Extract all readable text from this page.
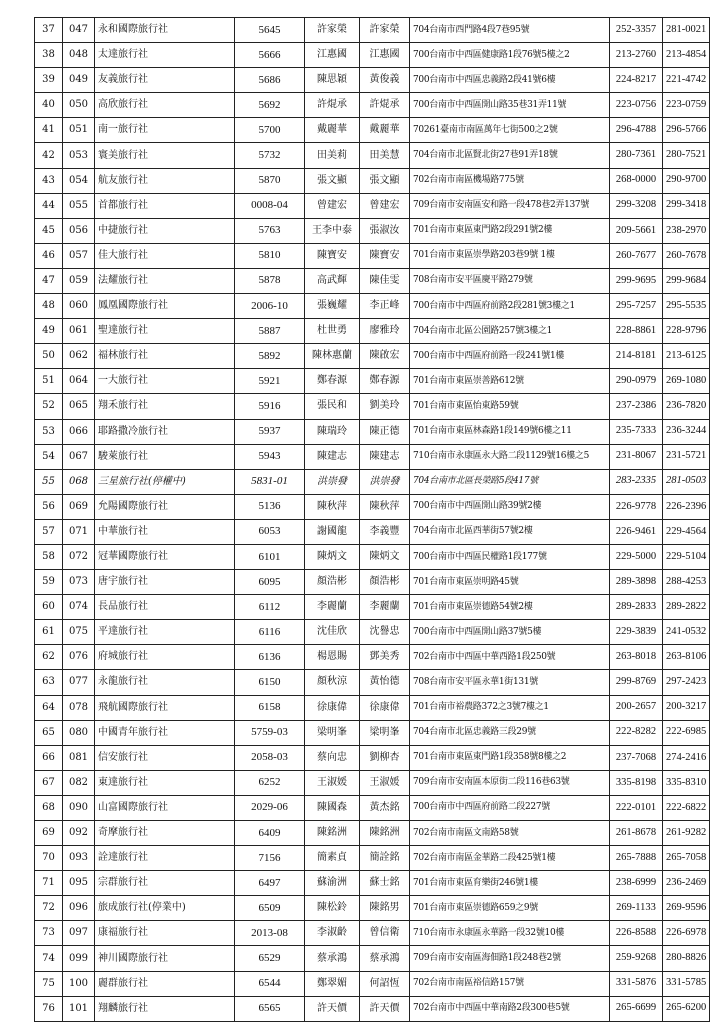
37	047	永和國際旅行社	5645	許家榮	許家榮	704台南市西門路4段7巷95號	252-3357	281-0021
38	048	太達旅行社	5666	江惠國	江惠國	700台南市中西區健康路1段76號5樓之2	213-2760	213-4854
39	049	友義旅行社	5686	陳思穎	黃俊義	700台南市中西區忠義路2段41號6樓	224-8217	221-4742
40	050	高欣旅行社	5692	許焜承	許焜承	700台南市中西區開山路35巷31弄11號	223-0756	223-0759
41	051	南一旅行社	5700	戴麗華	戴麗華	70261臺南市南區萬年七街500之2號	296-4788	296-5766
42	053	寰美旅行社	5732	田美莉	田美慧	704台南市北區賢北街27巷91弄18號	280-7361	280-7521
43	054	航友旅行社	5870	張文顯	張文顯	702台南市南區機場路775號	268-0000	290-9700
44	055	首都旅行社	0008-04	曾建宏	曾建宏	709台南市安南區安和路一段478巷2弄137號	299-3208	299-3418
45	056	中捷旅行社	5763	王李中泰	張淑汝	701台南市東區東門路2段291號2樓	209-5661	238-2970
46	057	佳大旅行社	5810	陳寶安	陳寶安	701台南市東區崇學路203巷9號 1樓	260-7677	260-7678
47	059	法耀旅行社	5878	高武輝	陳佳雯	708台南市安平區慶平路279號	299-9695	299-9684
48	060	鳳凰國際旅行社	2006-10	張巍耀	李正峰	700台南市中西區府前路2段281號3樓之1	295-7257	295-5535
49	061	聖達旅行社	5887	杜世勇	廖雅玲	704台南市北區公園路257號3樓之1	228-8861	228-9796
50	062	福林旅行社	5892	陳林惠蘭	陳啟宏	700台南市中西區府前路一段241號1樓	214-8181	213-6125
51	064	一大旅行社	5921	鄭春源	鄭春源	701台南市東區崇善路612號	290-0979	269-1080
52	065	翔禾旅行社	5916	張民和	劉美玲	701台南市東區怡東路59號	237-2386	236-7820
53	066	耶路撒冷旅行社	5937	陳瑞玲	陳正德	701台南市東區林森路1段149號6樓之11	235-7333	236-3244
54	067	駿萊旅行社	5943	陳建志	陳建志	710台南市永康區永大路二段1129號16樓之5	231-8067	231-5721
55	068	三星旅行社(停權中)	5831-01	洪崇發	洪崇發	704台南市北區長榮路5段417號	283-2335	281-0503
56	069	允陽國際旅行社	5136	陳秋萍	陳秋萍	700台南市中西區開山路39號2樓	226-9778	226-2396
57	071	中華旅行社	6053	謝國龍	李義豐	704台南市北區西華街57號2樓	226-9461	229-4564
58	072	冠華國際旅行社	6101	陳炳文	陳炳文	700台南市中西區民權路1段177號	229-5000	229-5104
59	073	唐宇旅行社	6095	顏浩彬	顏浩彬	701台南市東區崇明路45號	289-3898	288-4253
60	074	長品旅行社	6112	李麗蘭	李麗蘭	701台南市東區崇德路54號2樓	289-2833	289-2822
61	075	平達旅行社	6116	沈佳欣	沈譽忠	700台南市中西區開山路37號5樓	229-3839	241-0532
62	076	府城旅行社	6136	楊恩賜	鄧美秀	702台南市中西區中華西路1段250號	263-8018	263-8106
63	077	永龍旅行社	6150	顏秋涼	黃怡德	708台南市安平區永華1街131號	299-8769	297-2423
64	078	飛航國際旅行社	6158	徐康偉	徐康偉	701台南市裕農路372之3號7樓之1	200-2657	200-3217
65	080	中國青年旅行社	5759-03	梁明峯	梁明峯	704台南市北區忠義路三段29號	222-8282	222-6985
66	081	信安旅行社	2058-03	蔡向忠	劉柳杏	701台南市東區東門路1段358號8樓之2	237-7068	274-2416
67	082	東達旅行社	6252	王淑媛	王淑媛	709台南市安南區本原街二段116巷63號	335-8198	335-8310
68	090	山富國際旅行社	2029-06	陳國森	黃杰銘	700台南市中西區府前路二段227號	222-0101	222-6822
69	092	奇摩旅行社	6409	陳銘洲	陳銘洲	702台南市南區文南路58號	261-8678	261-9282
70	093	詮達旅行社	7156	簡素貞	簡詮銘	702台南市南區金華路二段425號1樓	265-7888	265-7058
71	095	宗群旅行社	6497	蘇渝洲	蘇士銘	701台南市東區育樂街246號1樓	238-6999	236-2469
72	096	旅成旅行社(停業中)	6509	陳松鈴	陳銘男	701台南市東區崇德路659之9號	269-1133	269-9596
73	097	康福旅行社	2013-08	李淑齡	曾信衛	710台南市永康區永華路一段32號10樓	226-8588	226-6978
74	099	神川國際旅行社	6529	蔡承鴻	蔡承鴻	709台南市安南區海佃路1段248巷2號	259-9268	280-8826
75	100	麗群旅行社	6544	鄭翠媚	何詔恆	702台南市南區裕信路157號	331-5876	331-5785
76	101	翔麟旅行社	6565	許天價	許天價	702台南市中西區中華南路2段300巷5號	265-6699	265-6200
